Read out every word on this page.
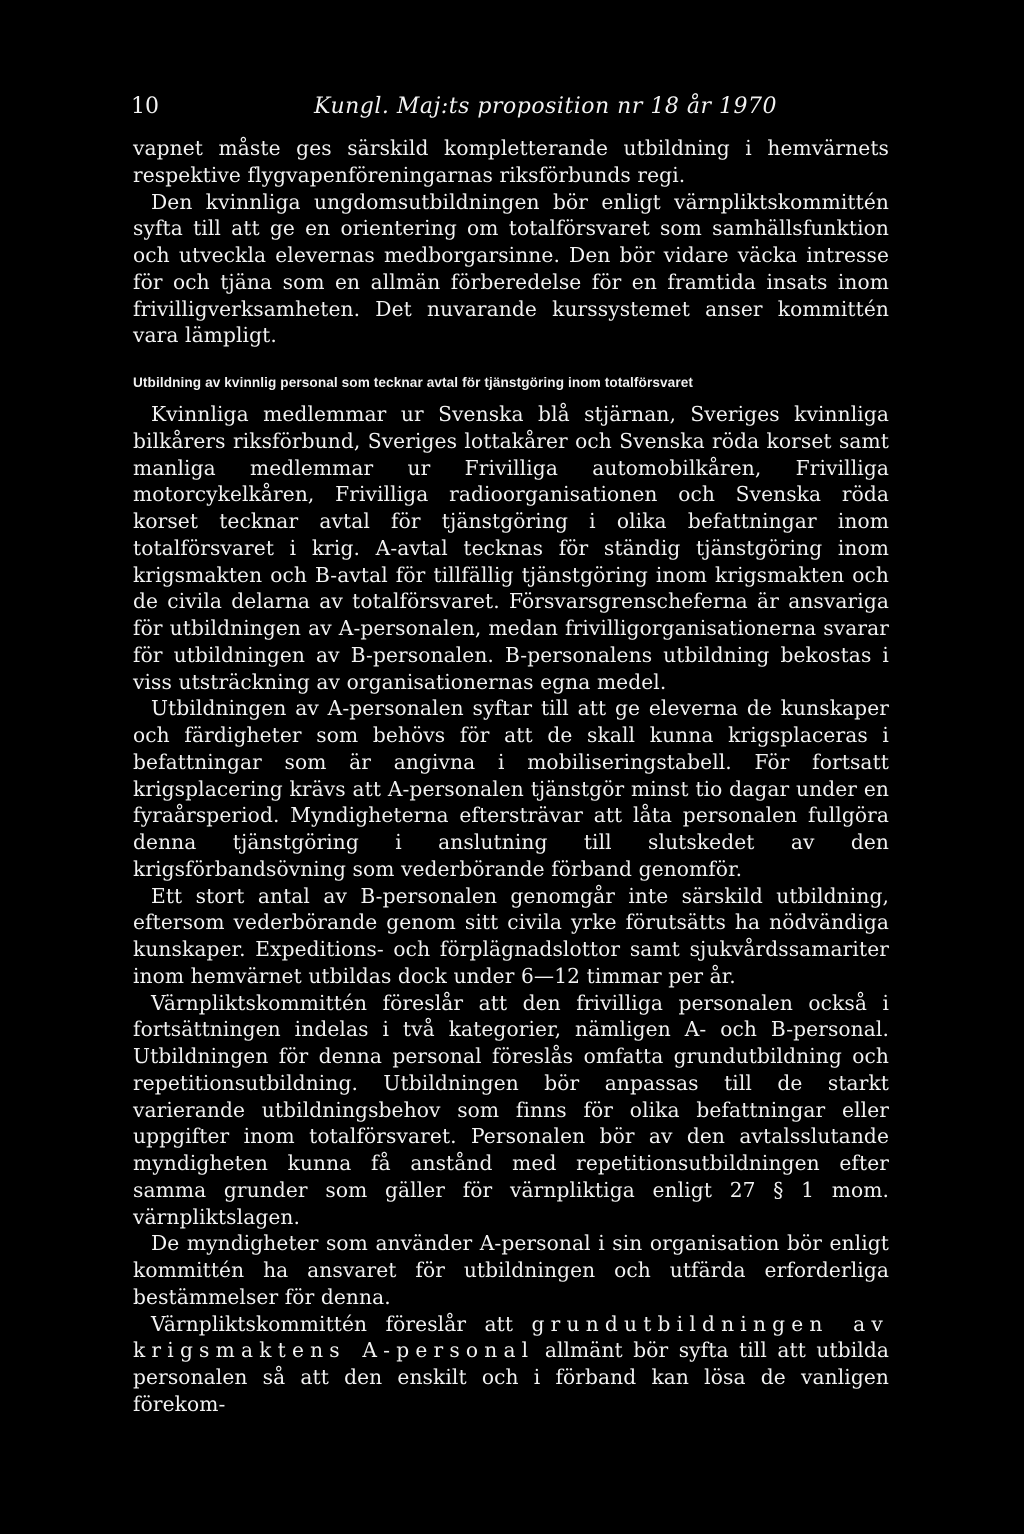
10	Kungl. Maj:ts proposition nr 18 år 1970

vapnet måste ges särskild kompletterande utbildning i hemvärnets respektive flygvapenföreningarnas riksförbunds regi.

Den kvinnliga ungdomsutbildningen bör enligt värnpliktskommittén syfta till att ge en orientering om totalförsvaret som samhällsfunktion och utveckla elevernas medborgarsinne. Den bör vidare väcka intresse för och tjäna som en allmän förberedelse för en framtida insats inom frivilligverksamheten. Det nuvarande kurssystemet anser kommittén vara lämpligt.

Utbildning av kvinnlig personal som tecknar avtal för tjänstgöring inom totalförsvaret

Kvinnliga medlemmar ur Svenska blå stjärnan, Sveriges kvinnliga bilkårers riksförbund, Sveriges lottakårer och Svenska röda korset samt manliga medlemmar ur Frivilliga automobilkåren, Frivilliga motorcykelkåren, Frivilliga radioorganisationen och Svenska röda korset tecknar avtal för tjänstgöring i olika befattningar inom totalförsvaret i krig. A-avtal tecknas för ständig tjänstgöring inom krigsmakten och B-avtal för tillfällig tjänstgöring inom krigsmakten och de civila delarna av totalförsvaret. Försvarsgrenscheferna är ansvariga för utbildningen av A-personalen, medan frivilligorganisationerna svarar för utbildningen av B-personalen. B-personalens utbildning bekostas i viss utsträckning av organisationernas egna medel.

Utbildningen av A-personalen syftar till att ge eleverna de kunskaper och färdigheter som behövs för att de skall kunna krigsplaceras i befattningar som är angivna i mobiliseringstabell. För fortsatt krigsplacering krävs att A-personalen tjänstgör minst tio dagar under en fyraårsperiod. Myndigheterna eftersträvar att låta personalen fullgöra denna tjänstgöring i anslutning till slutskedet av den krigsförbandsövning som vederbörande förband genomför.

Ett stort antal av B-personalen genomgår inte särskild utbildning, eftersom vederbörande genom sitt civila yrke förutsätts ha nödvändiga kunskaper. Expeditions- och förplägnadslottor samt sjukvårdssamariter inom hemvärnet utbildas dock under 6—12 timmar per år.

Värnpliktskommittén föreslår att den frivilliga personalen också i fortsättningen indelas i två kategorier, nämligen A- och B-personal. Utbildningen för denna personal föreslås omfatta grundutbildning och repetitionsutbildning. Utbildningen bör anpassas till de starkt varierande utbildningsbehov som finns för olika befattningar eller uppgifter inom totalförsvaret. Personalen bör av den avtalsslutande myndigheten kunna få anstånd med repetitionsutbildningen efter samma grunder som gäller för värnpliktiga enligt 27 § 1 mom. värnpliktslagen.

De myndigheter som använder A-personal i sin organisation bör enligt kommittén ha ansvaret för utbildningen och utfärda erforderliga bestämmelser för denna.

Värnpliktskommittén föreslår att grundutbildningen av krigsmaktens A-personal allmänt bör syfta till att utbilda personalen så att den enskilt och i förband kan lösa de vanligen förekom-
